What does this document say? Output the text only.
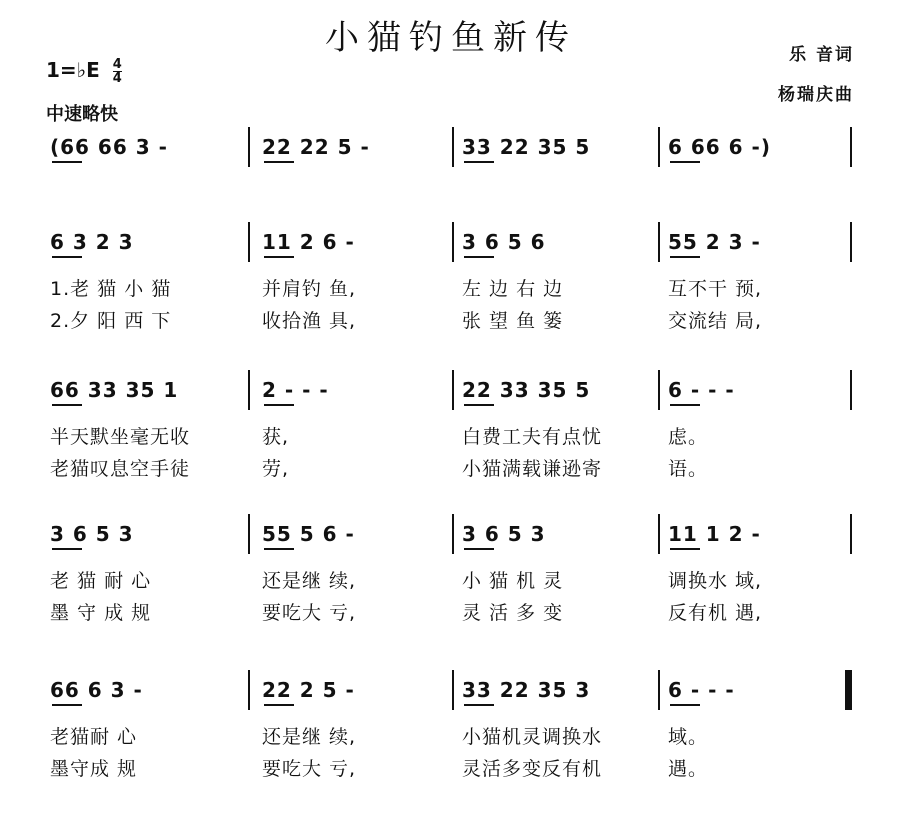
小猫钓鱼新传	乐 音词
杨瑞庆曲
1=♭E $\frac{4}{4}$
中速略快
(66 66 3 -	22 22 5 -	33 22 35 5	6 66 6 -)
6 3 2 3	11 2 6 -	3 6 5 6	55 2 3 -
1.老 猫 小 猫	并肩钓 鱼,	左 边 右 边	互不干 预,
2.夕 阳 西 下	收拾渔 具,	张 望 鱼 篓	交流结 局,
66 33 35 1	2 - - -	22 33 35 5	6 - - -
半天默坐毫无收	获,	白费工夫有点忧	虑。
老猫叹息空手徒	劳,	小猫满载谦逊寄	语。
3 6 5 3	55 5 6 -	3 6 5 3	11 1 2 -
老 猫 耐 心	还是继 续,	小 猫 机 灵	调换水 域,
墨 守 成 规	要吃大 亏,	灵 活 多 变	反有机 遇,
66 6 3 -	22 2 5 -	33 22 35 3	6 - - -
老猫耐 心	还是继 续,	小猫机灵调换水	域。
墨守成 规	要吃大 亏,	灵活多变反有机	遇。
